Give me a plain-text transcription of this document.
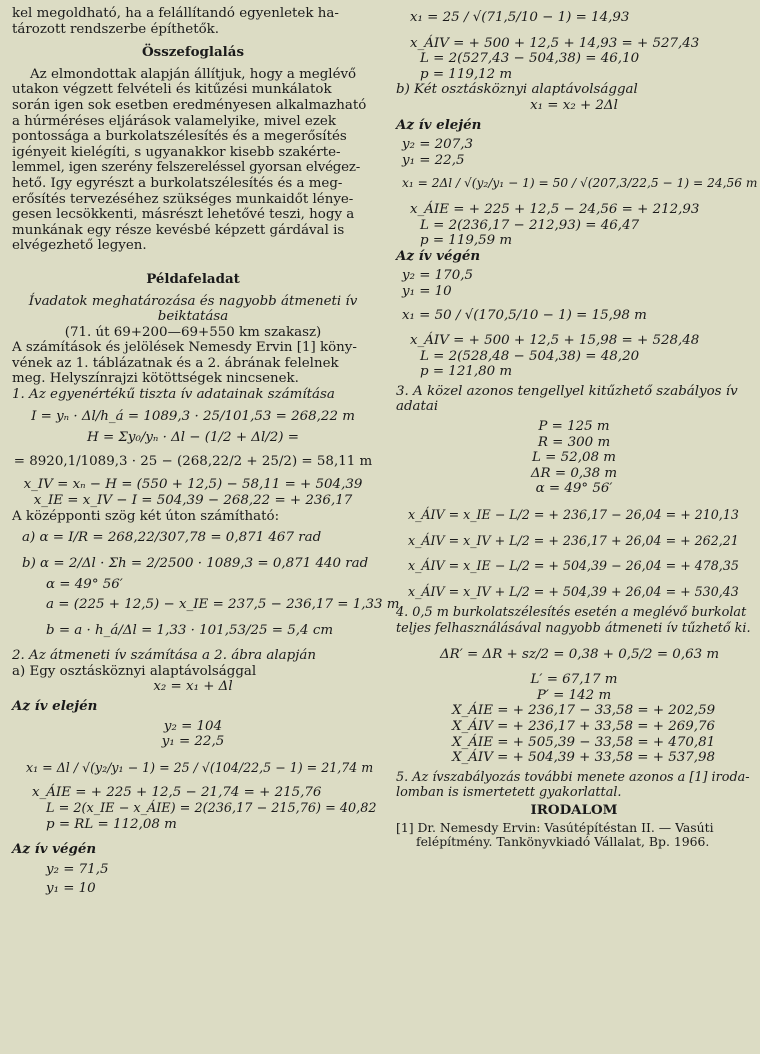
kel megoldható, ha a felállítandó egyenletek ha-

tározott rendszerbe építhetők.

Összefoglalás

Az elmondottak alapján állítjuk, hogy a meglévő

utakon végzett felvételi és kitűzési munkálatok

során igen sok esetben eredményesen alkalmazható

a húrméréses eljárások valamelyike, mivel ezek

pontossága a burkolatszélesítés és a megerősítés

igényeit kielégíti, s ugyanakkor kisebb szakérte-

lemmel, igen szerény felszereléssel gyorsan elvégez-

hető. Igy egyrészt a burkolatszélesítés és a meg-

erősítés tervezéséhez szükséges munkaidőt lénye-

gesen lecsökkenti, másrészt lehetővé teszi, hogy a

munkának egy része kevésbé képzett gárdával is

elvégezhető legyen.

Példafeladat

Ívadatok meghatározása és nagyobb átmeneti ív

beiktatása

(71. út 69+200—69+550 km szakasz)

A számítások és jelölések Nemesdy Ervin [1] köny-

vének az 1. táblázatnak és a 2. ábrának felelnek

meg. Helyszínrajzi kötöttségek nincsenek.

1. Az egyenértékű tiszta ív adatainak számítása

I = yₙ · Δl/h_á = 1089,3 · 25/101,53 = 268,22 m

H = Σy₀/yₙ · Δl − (1/2 + Δl/2) =

= 8920,1/1089,3 · 25 − (268,22/2 + 25/2) = 58,11 m

x_IV = xₙ − H = (550 + 12,5) − 58,11 = + 504,39

x_IE = x_IV − I = 504,39 − 268,22 = + 236,17

A középponti szög két úton számítható:

a) α = I/R = 268,22/307,78 = 0,871 467 rad

b) α = 2/Δl · Σh = 2/2500 · 1089,3 = 0,871 440 rad

α = 49° 56′

a = (225 + 12,5) − x_IE = 237,5 − 236,17 = 1,33 m

b = a · h_á/Δl = 1,33 · 101,53/25 = 5,4 cm

2. Az átmeneti ív számítása a 2. ábra alapján

a) Egy osztásköznyi alaptávolsággal

x₂ = x₁ + Δl

Az ív elején

y₂ = 104

y₁ = 22,5

x₁ = Δl / √(y₂/y₁ − 1) = 25 / √(104/22,5 − 1) = 21,74 m

x_ÁIE = + 225 + 12,5 − 21,74 = + 215,76

L = 2(x_IE − x_ÁIE) = 2(236,17 − 215,76) = 40,82

p = RL = 112,08 m

Az ív végén

y₂ = 71,5

y₁ = 10

x₁ = 25 / √(71,5/10 − 1) = 14,93

x_ÁIV = + 500 + 12,5 + 14,93 = + 527,43

L = 2(527,43 − 504,38) = 46,10

p = 119,12 m

b) Két osztásköznyi alaptávolsággal

x₁ = x₂ + 2Δl

Az ív elején

y₂ = 207,3

y₁ = 22,5

x₁ = 2Δl / √(y₂/y₁ − 1) = 50 / √(207,3/22,5 − 1) = 24,56 m

x_ÁIE = + 225 + 12,5 − 24,56 = + 212,93

L = 2(236,17 − 212,93) = 46,47

p = 119,59 m

Az ív végén

y₂ = 170,5

y₁ = 10

x₁ = 50 / √(170,5/10 − 1) = 15,98 m

x_ÁIV = + 500 + 12,5 + 15,98 = + 528,48

L = 2(528,48 − 504,38) = 48,20

p = 121,80 m

3. A közel azonos tengellyel kitűzhető szabályos ív

adatai

P = 125 m

R = 300 m

L = 52,08 m

ΔR = 0,38 m

α = 49° 56′

x_ÁIV = x_IE − L/2 = + 236,17 − 26,04 = + 210,13

x_ÁIV = x_IV + L/2 = + 236,17 + 26,04 = + 262,21

x_ÁIV = x_IE − L/2 = + 504,39 − 26,04 = + 478,35

x_ÁIV = x_IV + L/2 = + 504,39 + 26,04 = + 530,43

4. 0,5 m burkolatszélesítés esetén a meglévő burkolat

teljes felhasználásával nagyobb átmeneti ív tűzhető ki.

ΔR′ = ΔR + sz/2 = 0,38 + 0,5/2 = 0,63 m

L′ = 67,17 m

P′ = 142 m

X_ÁIE = + 236,17 − 33,58 = + 202,59

X_ÁIV = + 236,17 + 33,58 = + 269,76

X_ÁIE = + 505,39 − 33,58 = + 470,81

X_ÁIV = + 504,39 + 33,58 = + 537,98

5. Az ívszabályozás további menete azonos a [1] iroda-

lomban is ismertetett gyakorlattal.

IRODALOM

[1] Dr. Nemesdy Ervin: Vasútépítéstan II. — Vasúti

felépítmény. Tankönyvkiadó Vállalat, Bp. 1966.
